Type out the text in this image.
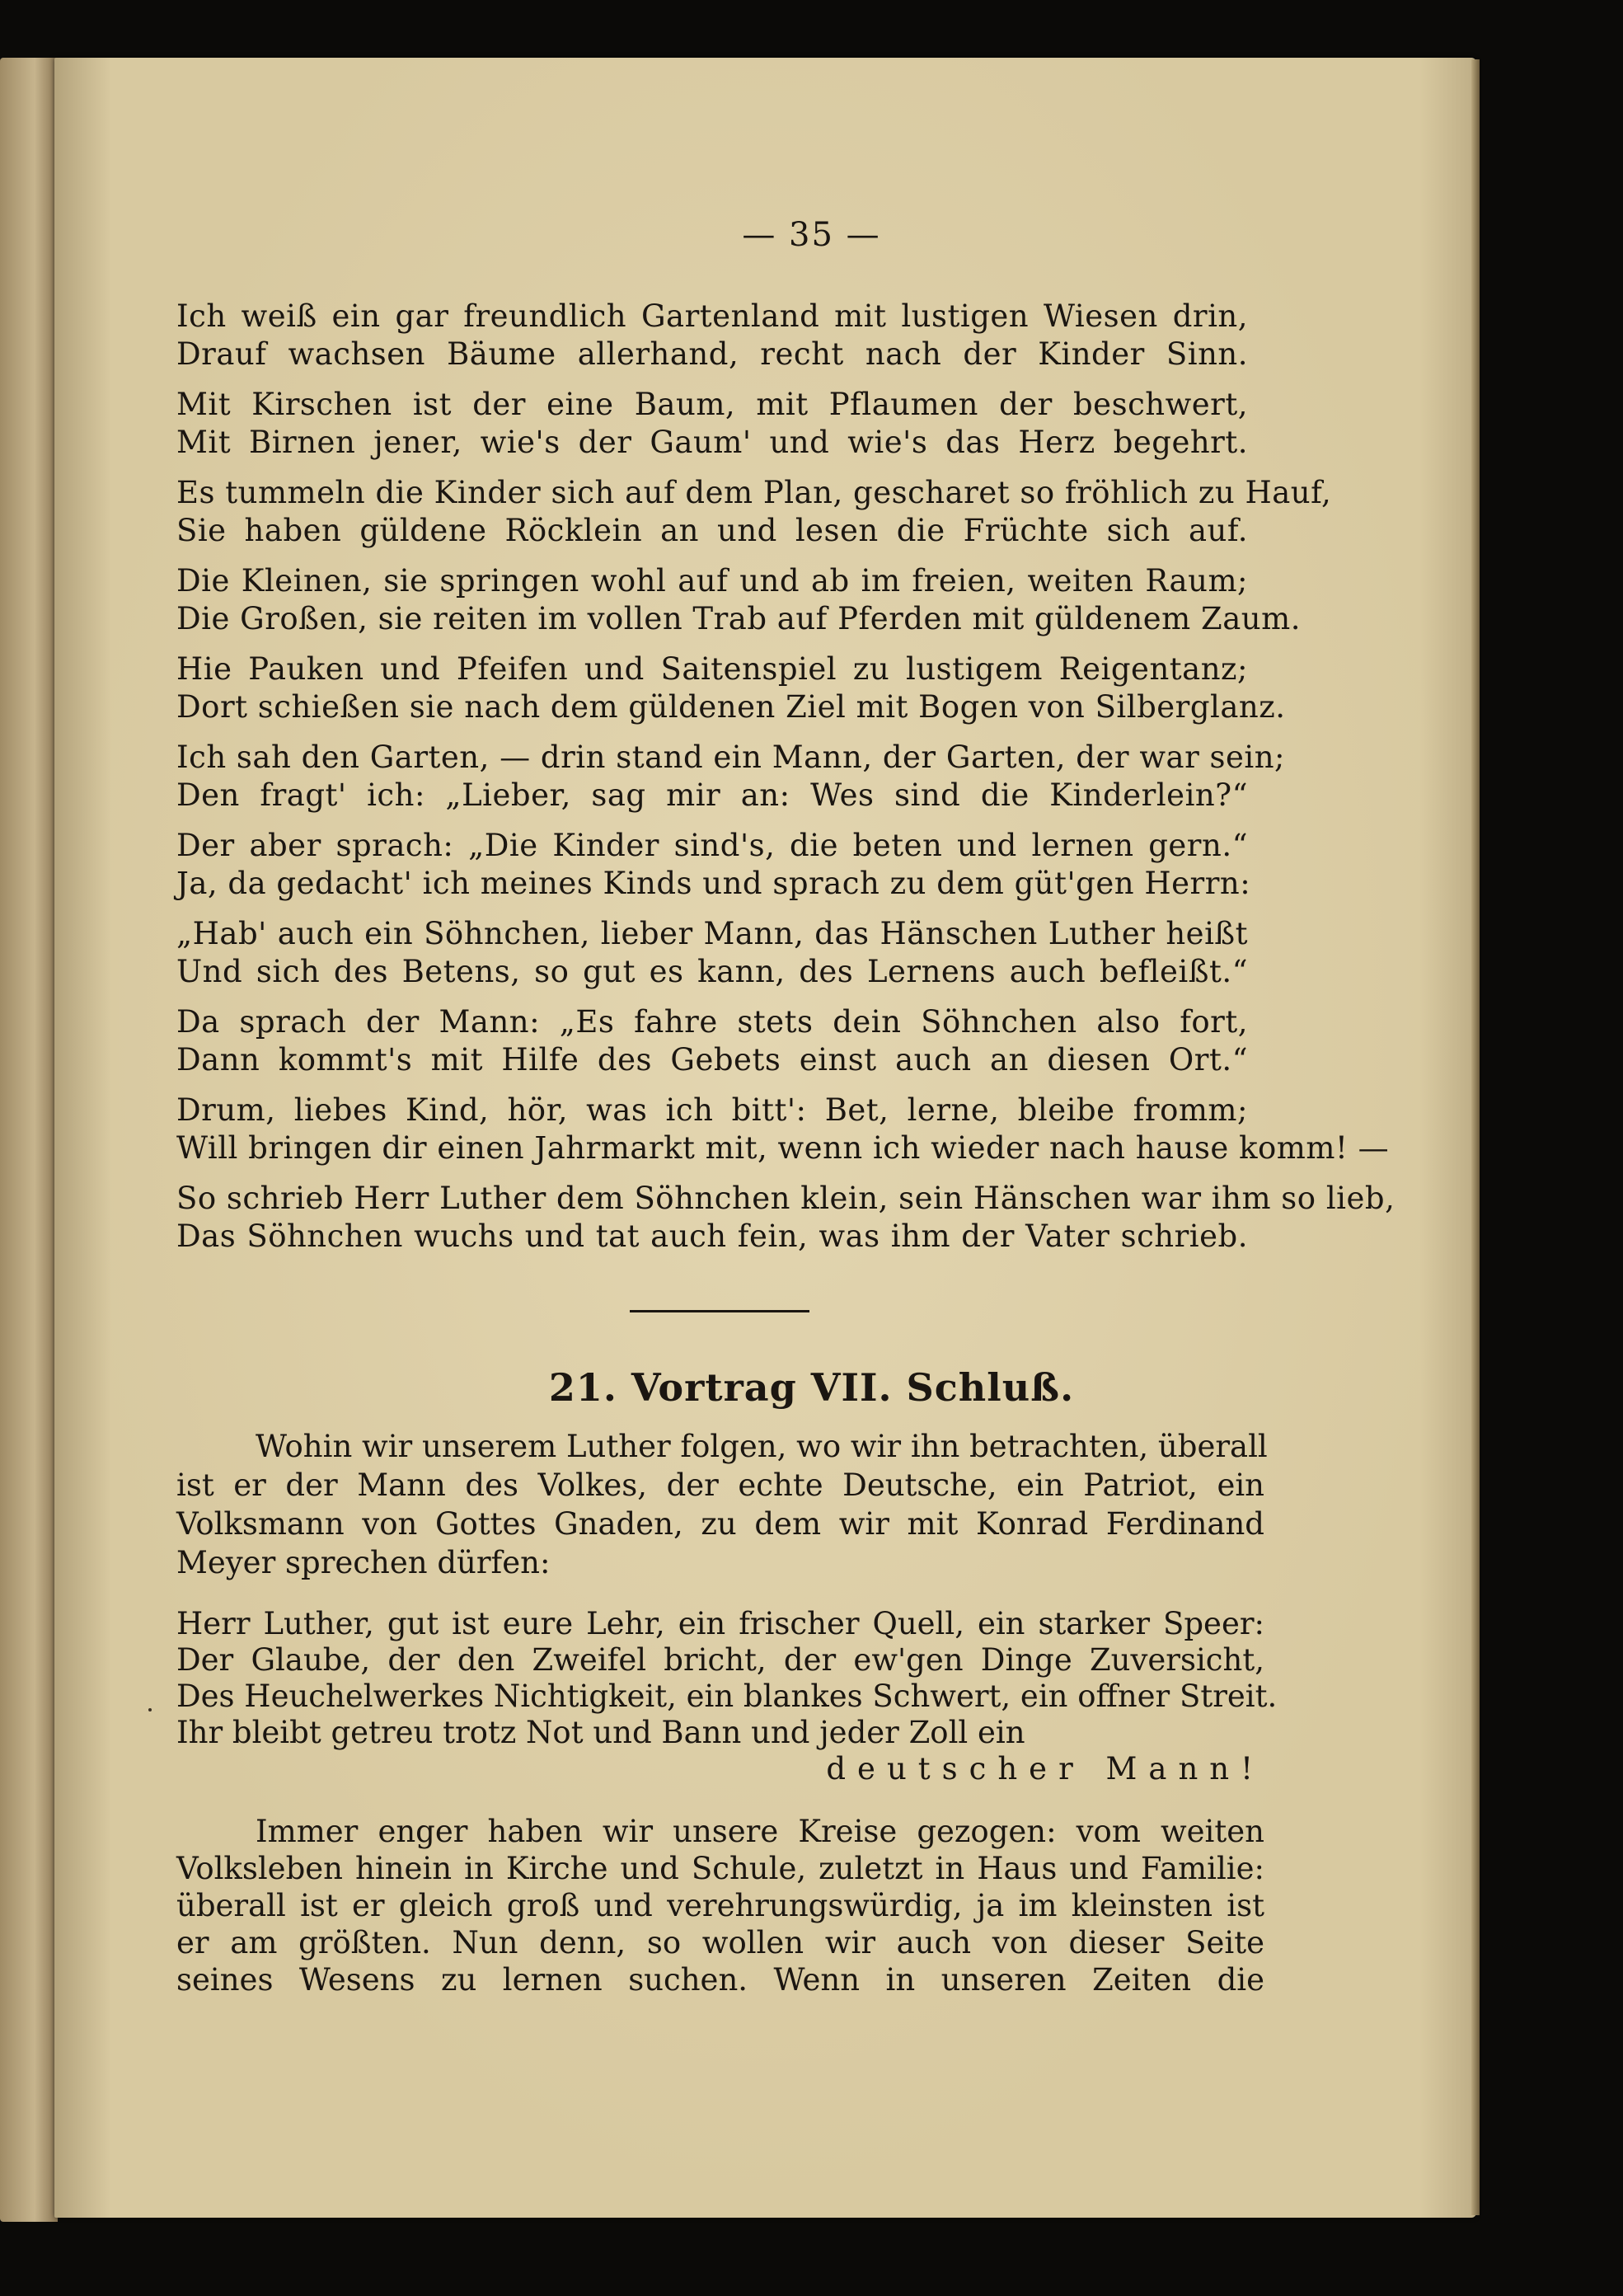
— 35 —
Ich weiß ein gar freundlich Gartenland mit lustigen Wiesen drin,
Drauf wachsen Bäume allerhand, recht nach der Kinder Sinn.
Mit Kirschen ist der eine Baum, mit Pflaumen der beschwert,
Mit Birnen jener, wie's der Gaum' und wie's das Herz begehrt.
Es tummeln die Kinder sich auf dem Plan, gescharet so fröhlich zu Hauf,
Sie haben güldene Röcklein an und lesen die Früchte sich auf.
Die Kleinen, sie springen wohl auf und ab im freien, weiten Raum;
Die Großen, sie reiten im vollen Trab auf Pferden mit güldenem Zaum.
Hie Pauken und Pfeifen und Saitenspiel zu lustigem Reigentanz;
Dort schießen sie nach dem güldenen Ziel mit Bogen von Silberglanz.
Ich sah den Garten, — drin stand ein Mann, der Garten, der war sein;
Den fragt' ich: „Lieber, sag mir an: Wes sind die Kinderlein?“
Der aber sprach: „Die Kinder sind's, die beten und lernen gern.“
Ja, da gedacht' ich meines Kinds und sprach zu dem güt'gen Herrn:
„Hab' auch ein Söhnchen, lieber Mann, das Hänschen Luther heißt
Und sich des Betens, so gut es kann, des Lernens auch befleißt.“
Da sprach der Mann: „Es fahre stets dein Söhnchen also fort,
Dann kommt's mit Hilfe des Gebets einst auch an diesen Ort.“
Drum, liebes Kind, hör, was ich bitt': Bet, lerne, bleibe fromm;
Will bringen dir einen Jahrmarkt mit, wenn ich wieder nach hause komm! —
So schrieb Herr Luther dem Söhnchen klein, sein Hänschen war ihm so lieb,
Das Söhnchen wuchs und tat auch fein, was ihm der Vater schrieb.
21. Vortrag VII. Schluß.
Wohin wir unserem Luther folgen, wo wir ihn betrachten, überall
ist er der Mann des Volkes, der echte Deutsche, ein Patriot, ein
Volksmann von Gottes Gnaden, zu dem wir mit Konrad Ferdinand
Meyer sprechen dürfen:
Herr Luther, gut ist eure Lehr, ein frischer Quell, ein starker Speer:
Der Glaube, der den Zweifel bricht, der ew'gen Dinge Zuversicht,
Des Heuchelwerkes Nichtigkeit, ein blankes Schwert, ein offner Streit.
Ihr bleibt getreu trotz Not und Bann und jeder Zoll ein
deutscher Mann!
Immer enger haben wir unsere Kreise gezogen: vom weiten
Volksleben hinein in Kirche und Schule, zuletzt in Haus und Familie:
überall ist er gleich groß und verehrungswürdig, ja im kleinsten ist
er am größten. Nun denn, so wollen wir auch von dieser Seite
seines Wesens zu lernen suchen. Wenn in unseren Zeiten die
